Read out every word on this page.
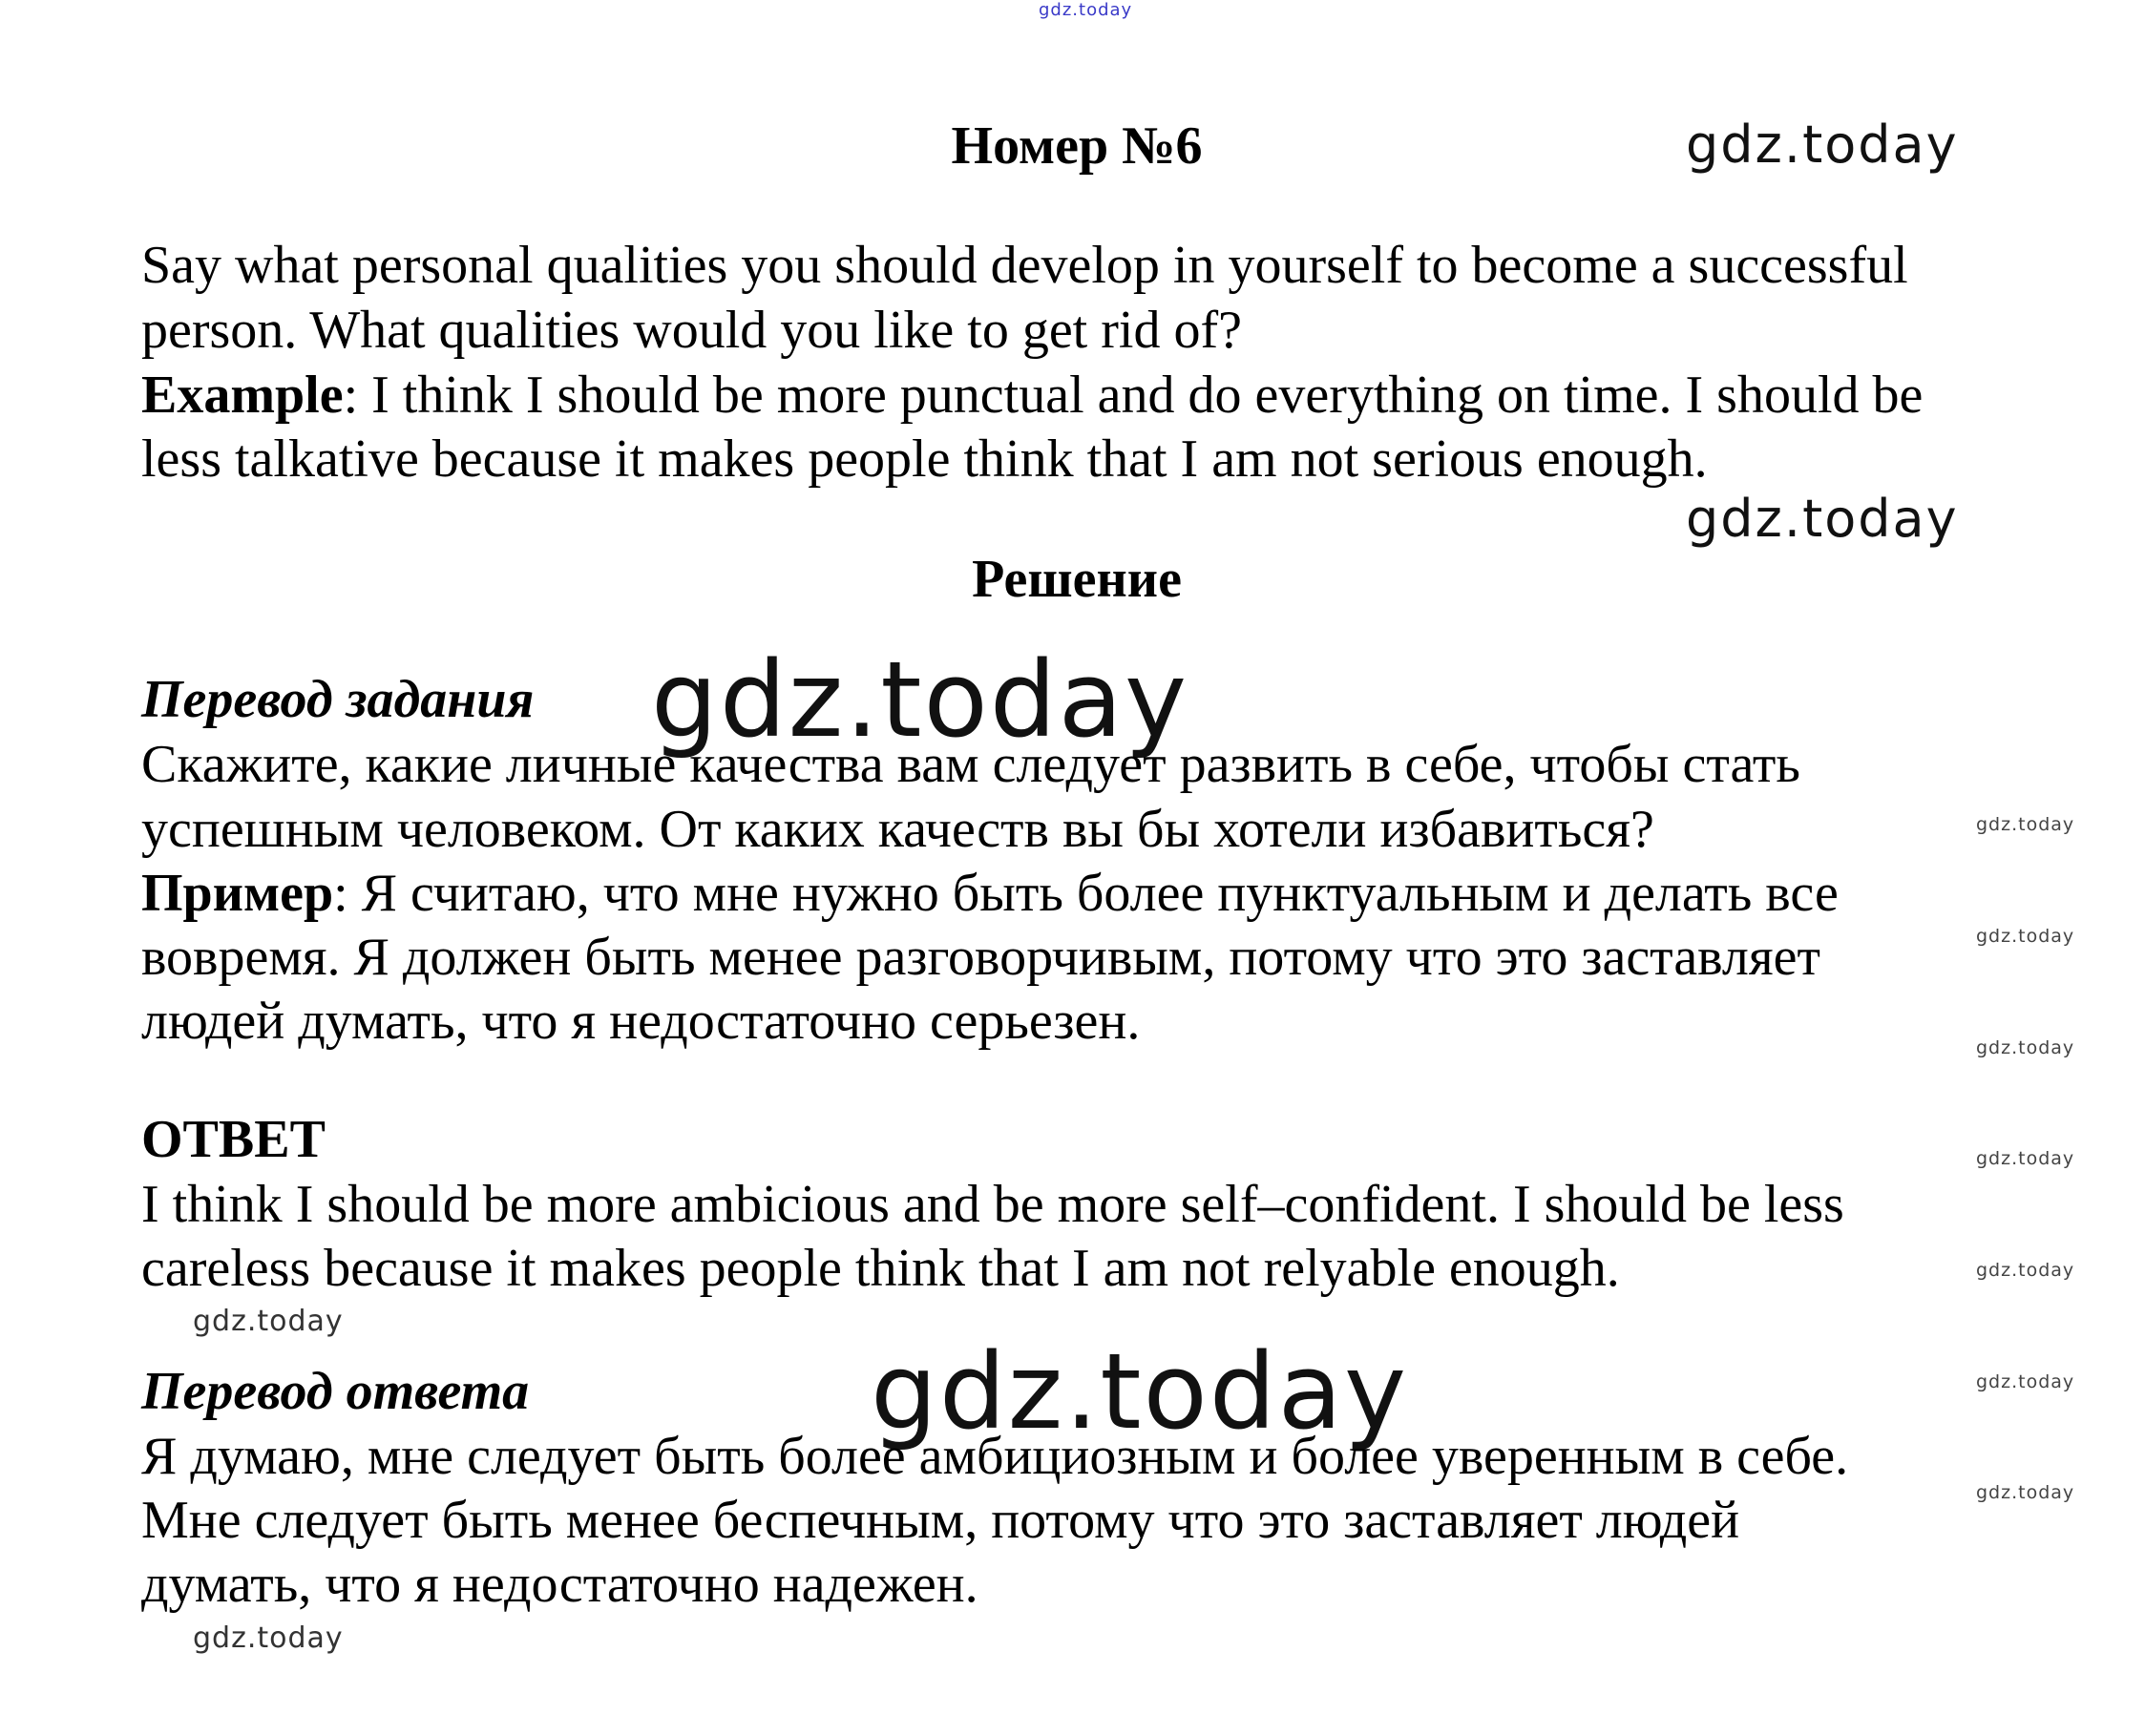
gdz.today
gdz.today
gdz.today
gdz.today
gdz.today
gdz.today
gdz.today
gdz.today
gdz.today
gdz.today
gdz.today
gdz.today
gdz.today
gdz.today
Номер №6
Say what personal qualities you should develop in yourself to become a successful
person. What qualities would you like to get rid of?
Example: I think I should be more punctual and do everything on time. I should be
less talkative because it makes people think that I am not serious enough.
Решение
Перевод задания
Скажите, какие личные качества вам следует развить в себе, чтобы стать
успешным человеком. От каких качеств вы бы хотели избавиться?
Пример: Я считаю, что мне нужно быть более пунктуальным и делать все
вовремя. Я должен быть менее разговорчивым, потому что это заставляет
людей думать, что я недостаточно серьезен.
ОТВЕТ
I think I should be more ambicious and be more self–confident. I should be less
careless because it makes people think that I am not relyable enough.
Перевод ответа
Я думаю, мне следует быть более амбициозным и более уверенным в себе.
Мне следует быть менее беспечным, потому что это заставляет людей
думать, что я недостаточно надежен.
